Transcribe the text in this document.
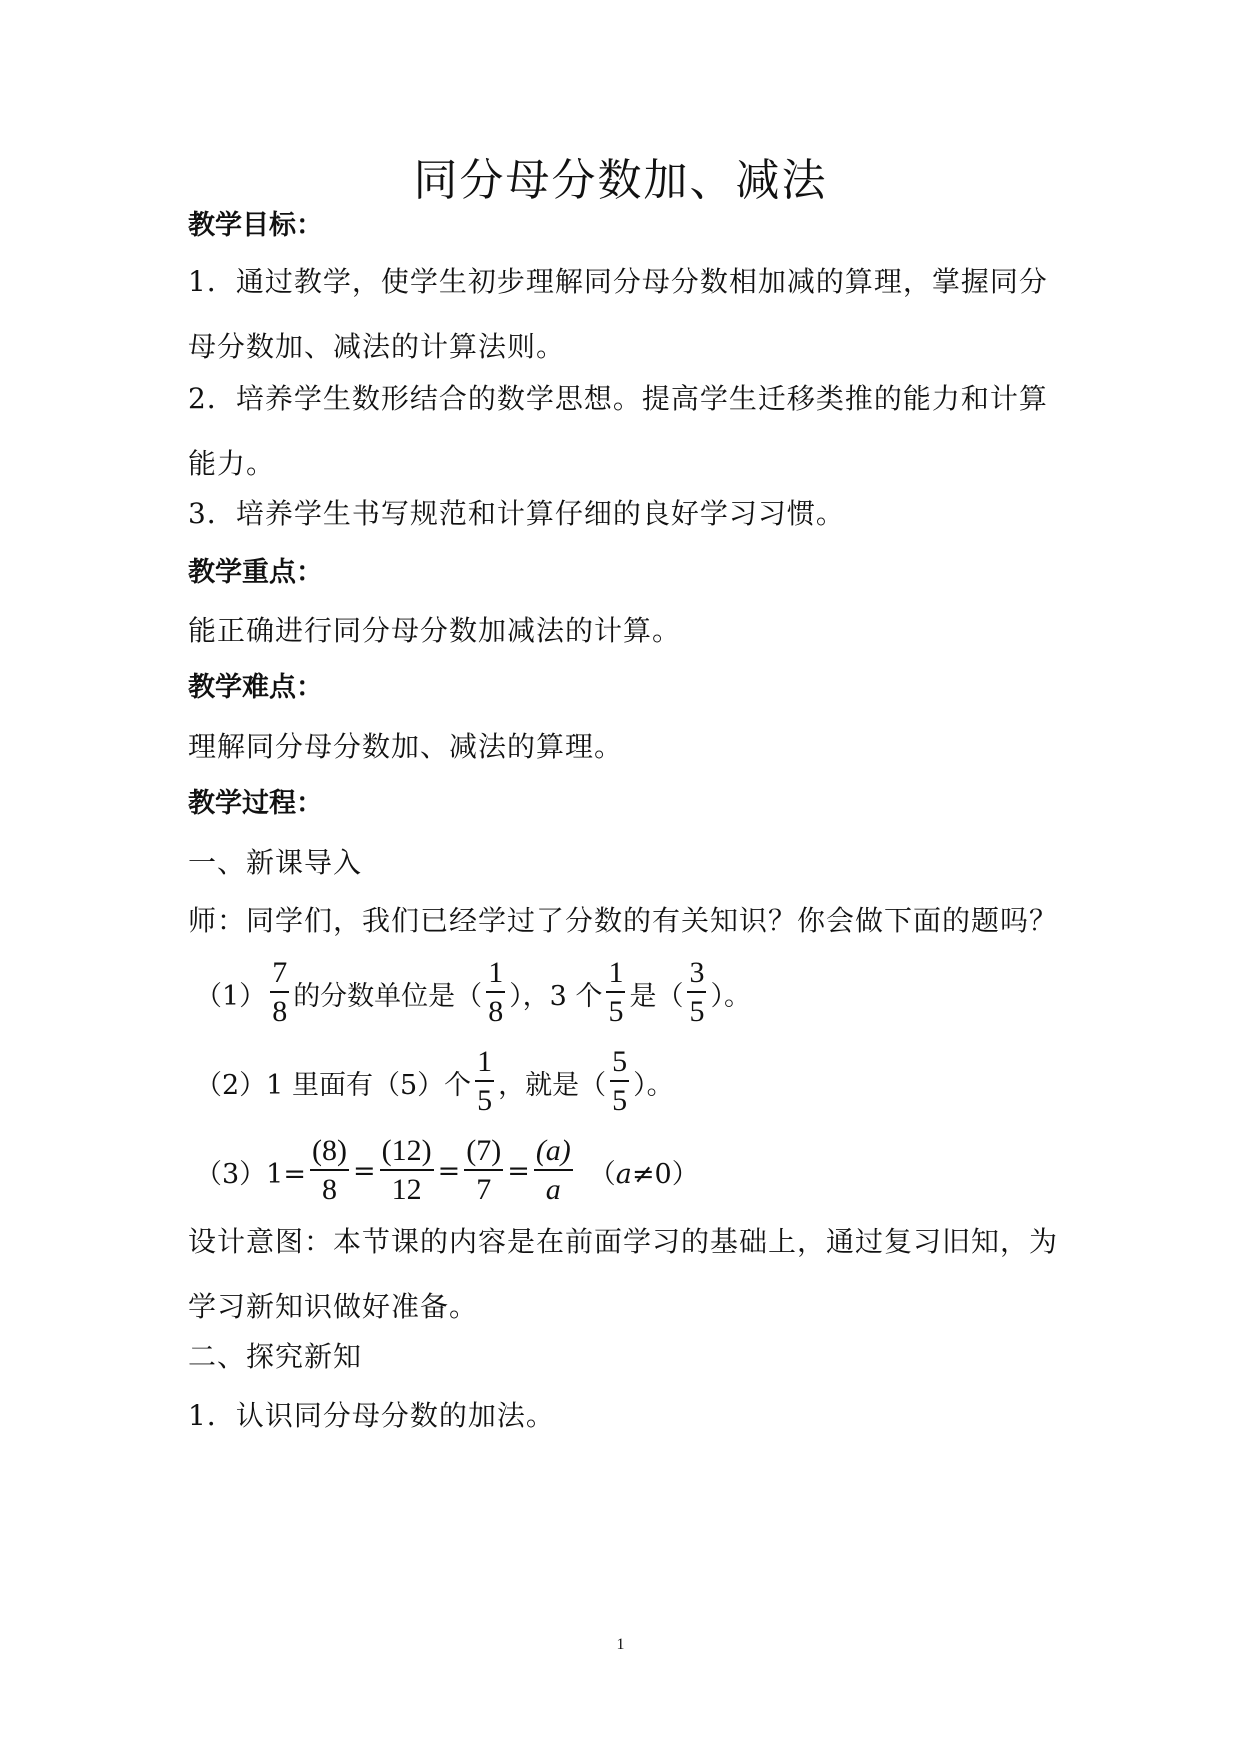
同分母分数加、减法
教学目标：
1．通过教学，使学生初步理解同分母分数相加减的算理，掌握同分母分数加、减法的计算法则。
2．培养学生数形结合的数学思想。提高学生迁移类推的能力和计算能力。
3．培养学生书写规范和计算仔细的良好学习习惯。
教学重点：
能正确进行同分母分数加减法的计算。
教学难点：
理解同分母分数加、减法的算理。
教学过程：
一、新课导入
师：同学们，我们已经学过了分数的有关知识？你会做下面的题吗？
$(1) \frac{7}{8}$ 的分数单位是（ $\frac{1}{8}$ ），3 个 $\frac{1}{5}$ 是（ $\frac{3}{5}$ ）。
（2）1 里面有（5）个 $\frac{1}{5}$ ，就是（ $\frac{5}{5}$ ）。
$(3)1= \frac{(8)}{8} = \frac{(12)}{12} = \frac{(7)}{7} = \frac{(a)}{a} (a\ne 0)$
设计意图：本节课的内容是在前面学习的基础上，通过复习旧知，为学习新知识做好准备。
二、探究新知
1．认识同分母分数的加法。
1
